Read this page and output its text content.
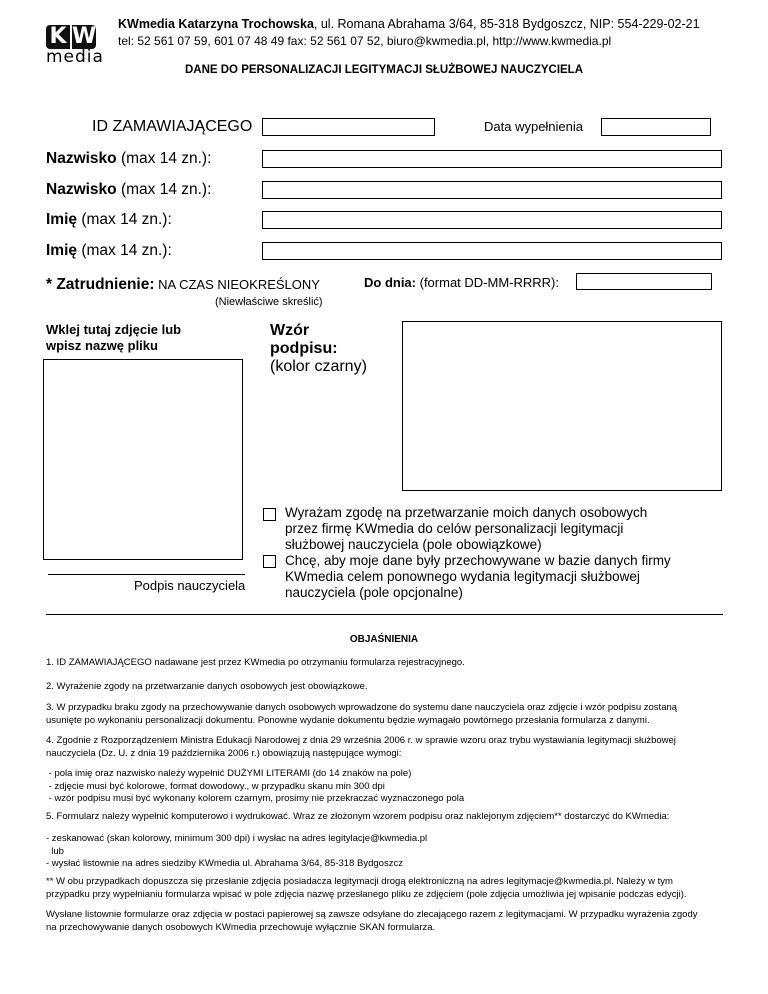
K W
media
KWmedia Katarzyna Trochowska, ul. Romana Abrahama 3/64, 85-318 Bydgoszcz, NIP: 554-229-02-21
tel: 52 561 07 59, 601 07 48 49 fax: 52 561 07 52, biuro@kwmedia.pl, http://www.kwmedia.pl
DANE DO PERSONALIZACJI LEGITYMACJI SŁUŻBOWEJ NAUCZYCIELA
ID ZAMAWIAJĄCEGO	Data wypełnienia
Nazwisko (max 14 zn.):
Nazwisko (max 14 zn.):
Imię (max 14 zn.):
Imię (max 14 zn.):
* Zatrudnienie: NA CZAS NIEOKREŚLONY	Do dnia: (format DD-MM-RRRR):
(Niewłaściwe skreślić)
Wklej tutaj zdjęcie lub
wpisz nazwę pliku
Wzór
podpisu:
(kolor czarny)
Wyrażam zgodę na przetwarzanie moich danych osobowych
przez firmę KWmedia do celów personalizacji legitymacji
służbowej nauczyciela (pole obowiązkowe)
Chcę, aby moje dane były przechowywane w bazie danych firmy
KWmedia celem ponownego wydania legitymacji służbowej
nauczyciela (pole opcjonalne)
Podpis nauczyciela
OBJAŚNIENIA
1. ID ZAMAWIAJĄCEGO nadawane jest przez KWmedia po otrzymaniu formularza rejestracyjnego.
2. Wyrażenie zgody na przetwarzanie danych osobowych jest obowiązkowe.
3. W przypadku braku zgody na przechowywanie danych osobowych wprowadzone do systemu dane nauczyciela oraz zdjęcie i wzór podpisu zostaną
usunięte po wykonaniu personalizacji dokumentu. Ponowne wydanie dokumentu będzie wymagało powtórnego przesłania formularza z danymi.
4. Zgodnie z Rozporządzeniem Ministra Edukacji Narodowej z dnia 29 września 2006 r. w sprawie wzoru oraz trybu wystawiania legitymacji służbowej
nauczyciela (Dz. U. z dnia 19 października 2006 r.) obowiązują następujące wymogi:
- pola imię oraz nazwisko należy wypełnić DUŻYMI LITERAMI (do 14 znaków na pole)
- zdjęcie musi być kolorowe, format dowodowy., w przypadku skanu min 300 dpi
- wzór podpisu musi być wykonany kolorem czarnym, prosimy nie przekraczać wyznaczonego pola
5. Formularz należy wypełnić komputerowo i wydrukować. Wraz ze złożonym wzorem podpisu oraz naklejonym zdjęciem** dostarczyć do KWmedia:
- zeskanować (skan kolorowy, minimum 300 dpi) i wysłac na adres legitylacje@kwmedia.pl
lub
- wysłać listownie na adres siedziby KWmedia ul. Abrahama 3/64, 85-318 Bydgoszcz
** W obu przypadkach dopuszcza się przesłanie zdjęcia posiadacza legitymacji drogą elektroniczną na adres legitymacje@kwmedia.pl. Należy w tym
przypadku przy wypełnianiu formularza wpisać w pole zdjęcia nazwę przesłanego pliku ze zdjęciem (pole zdjęcia umożliwia jej wpisanie podczas edycji).
Wysłane listownie formularze oraz zdjęcia w postaci papierowej są zawsze odsyłane do zlecającego razem z legitymacjami. W przypadku wyrażenia zgody
na przechowywanie danych osobowych KWmedia przechowuje wyłącznie SKAN formularza.
